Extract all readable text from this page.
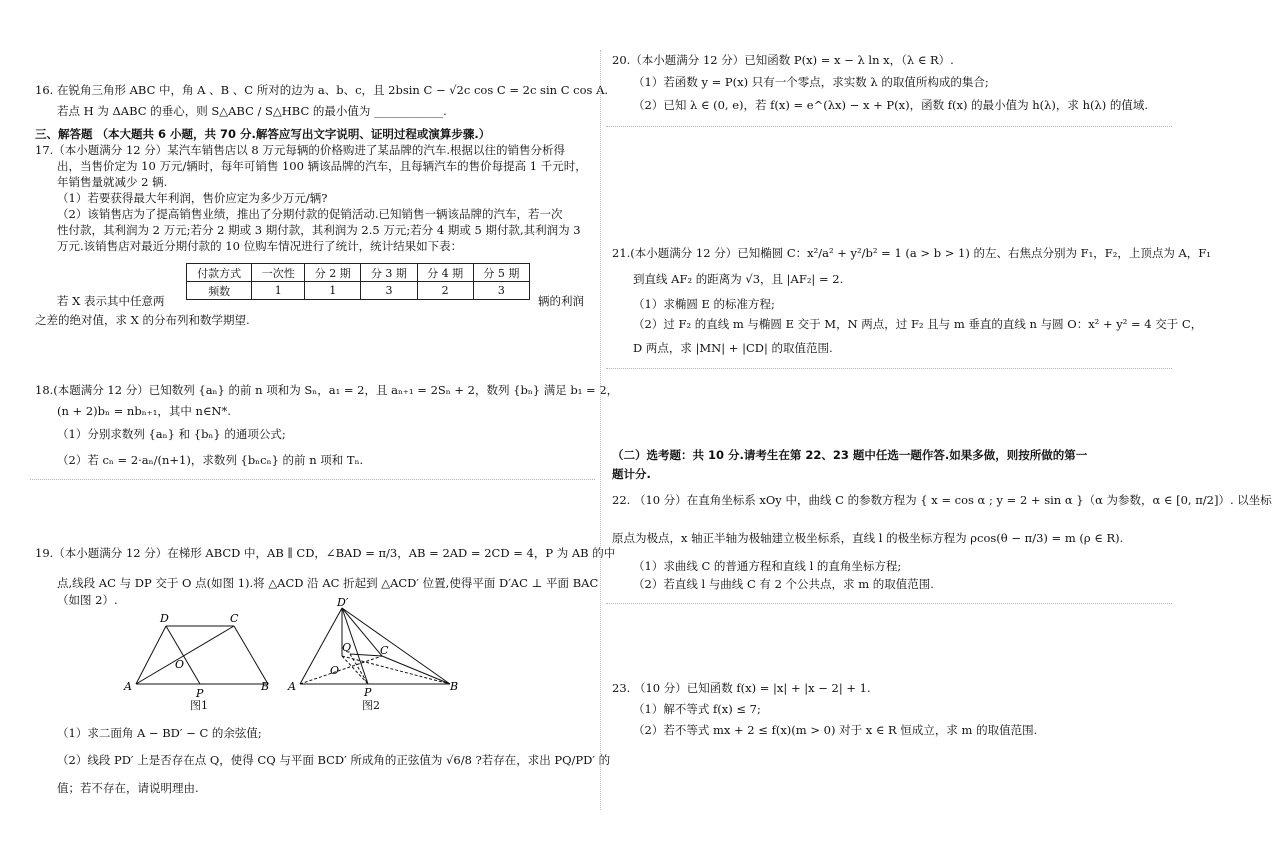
16. 在锐角三角形 ABC 中，角 A 、B 、C 所对的边为 a、b、c，且 2bsin C − √2c cos C = 2c sin C cos A.
若点 H 为 ΔABC 的垂心，则 S△ABC / S△HBC 的最小值为 ____________.
三、解答题 （本大题共 6 小题，共 70 分.解答应写出文字说明、证明过程或演算步骤.）
17.（本小题满分 12 分）某汽车销售店以 8 万元每辆的价格购进了某品牌的汽车.根据以往的销售分析得
出，当售价定为 10 万元/辆时，每年可销售 100 辆该品牌的汽车，且每辆汽车的售价每提高 1 千元时，
年销售量就减少 2 辆.
（1）若要获得最大年利润，售价应定为多少万元/辆?
（2）该销售店为了提高销售业绩，推出了分期付款的促销活动.已知销售一辆该品牌的汽车，若一次
性付款，其利润为 2 万元;若分 2 期或 3 期付款，其利润为 2.5 万元;若分 4 期或 5 期付款,其利润为 3
万元.该销售店对最近分期付款的 10 位购车情况进行了统计，统计结果如下表：
付款方式	一次性	分 2 期	分 3 期	分 4 期	分 5 期
频数	1	1	3	2	3
若 X 表示其中任意两	辆的利润
之差的绝对值，求 X 的分布列和数学期望.
18.(本题满分 12 分）已知数列 {aₙ} 的前 n 项和为 Sₙ，a₁ = 2，且 aₙ₊₁ = 2Sₙ + 2，数列 {bₙ} 满足 b₁ = 2，
(n + 2)bₙ = nbₙ₊₁，其中 n∈N*.
（1）分别求数列 {aₙ} 和 {bₙ} 的通项公式;
（2）若 cₙ = 2·aₙ/(n+1)，求数列 {bₙcₙ} 的前 n 项和 Tₙ.
19.（本小题满分 12 分）在梯形 ABCD 中，AB ∥ CD，∠BAD = π/3，AB = 2AD = 2CD = 4，P 为 AB 的中
点,线段 AC 与 DP 交于 O 点(如图 1).将 △ACD 沿 AC 折起到 △ACD′ 位置,使得平面 D′AC ⊥ 平面 BAC
（如图 2）.
D	C
O
A
P
B
图1
D′
Q	C
O
A	P	B
图2
（1）求二面角 A − BD′ − C 的余弦值;
（2）线段 PD′ 上是否存在点 Q，使得 CQ 与平面 BCD′ 所成角的正弦值为 √6/8 ?若存在，求出 PQ/PD′ 的
值；若不存在，请说明理由.
20.（本小题满分 12 分）已知函数 P(x) = x − λ ln x，（λ ∈ R）.
（1）若函数 y = P(x) 只有一个零点，求实数 λ 的取值所构成的集合;
（2）已知 λ ∈ (0, e)，若 f(x) = e^(λx) − x + P(x)，函数 f(x) 的最小值为 h(λ)，求 h(λ) 的值域.
21.(本小题满分 12 分）已知椭圆 C：x²/a² + y²/b² = 1 (a > b > 1) 的左、右焦点分别为 F₁，F₂，上顶点为 A，F₁
到直线 AF₂ 的距离为 √3，且 |AF₂| = 2.
（1）求椭圆 E 的标准方程;
（2）过 F₂ 的直线 m 与椭圆 E 交于 M，N 两点，过 F₂ 且与 m 垂直的直线 n 与圆 O：x² + y² = 4 交于 C，
D 两点，求 |MN| + |CD| 的取值范围.
（二）选考题：共 10 分.请考生在第 22、23 题中任选一题作答.如果多做，则按所做的第一
题计分.
22. （10 分）在直角坐标系 xOy 中，曲线 C 的参数方程为 { x = cos α ; y = 2 + sin α }（α 为参数，α ∈ [0, π/2]）. 以坐标
原点为极点，x 轴正半轴为极轴建立极坐标系，直线 l 的极坐标方程为 ρcos(θ − π/3) = m (ρ ∈ R).
（1）求曲线 C 的普通方程和直线 l 的直角坐标方程;
（2）若直线 l 与曲线 C 有 2 个公共点，求 m 的取值范围.
23. （10 分）已知函数 f(x) = |x| + |x − 2| + 1.
（1）解不等式 f(x) ≤ 7;
（2）若不等式 mx + 2 ≤ f(x)(m > 0) 对于 x ∈ R 恒成立，求 m 的取值范围.
